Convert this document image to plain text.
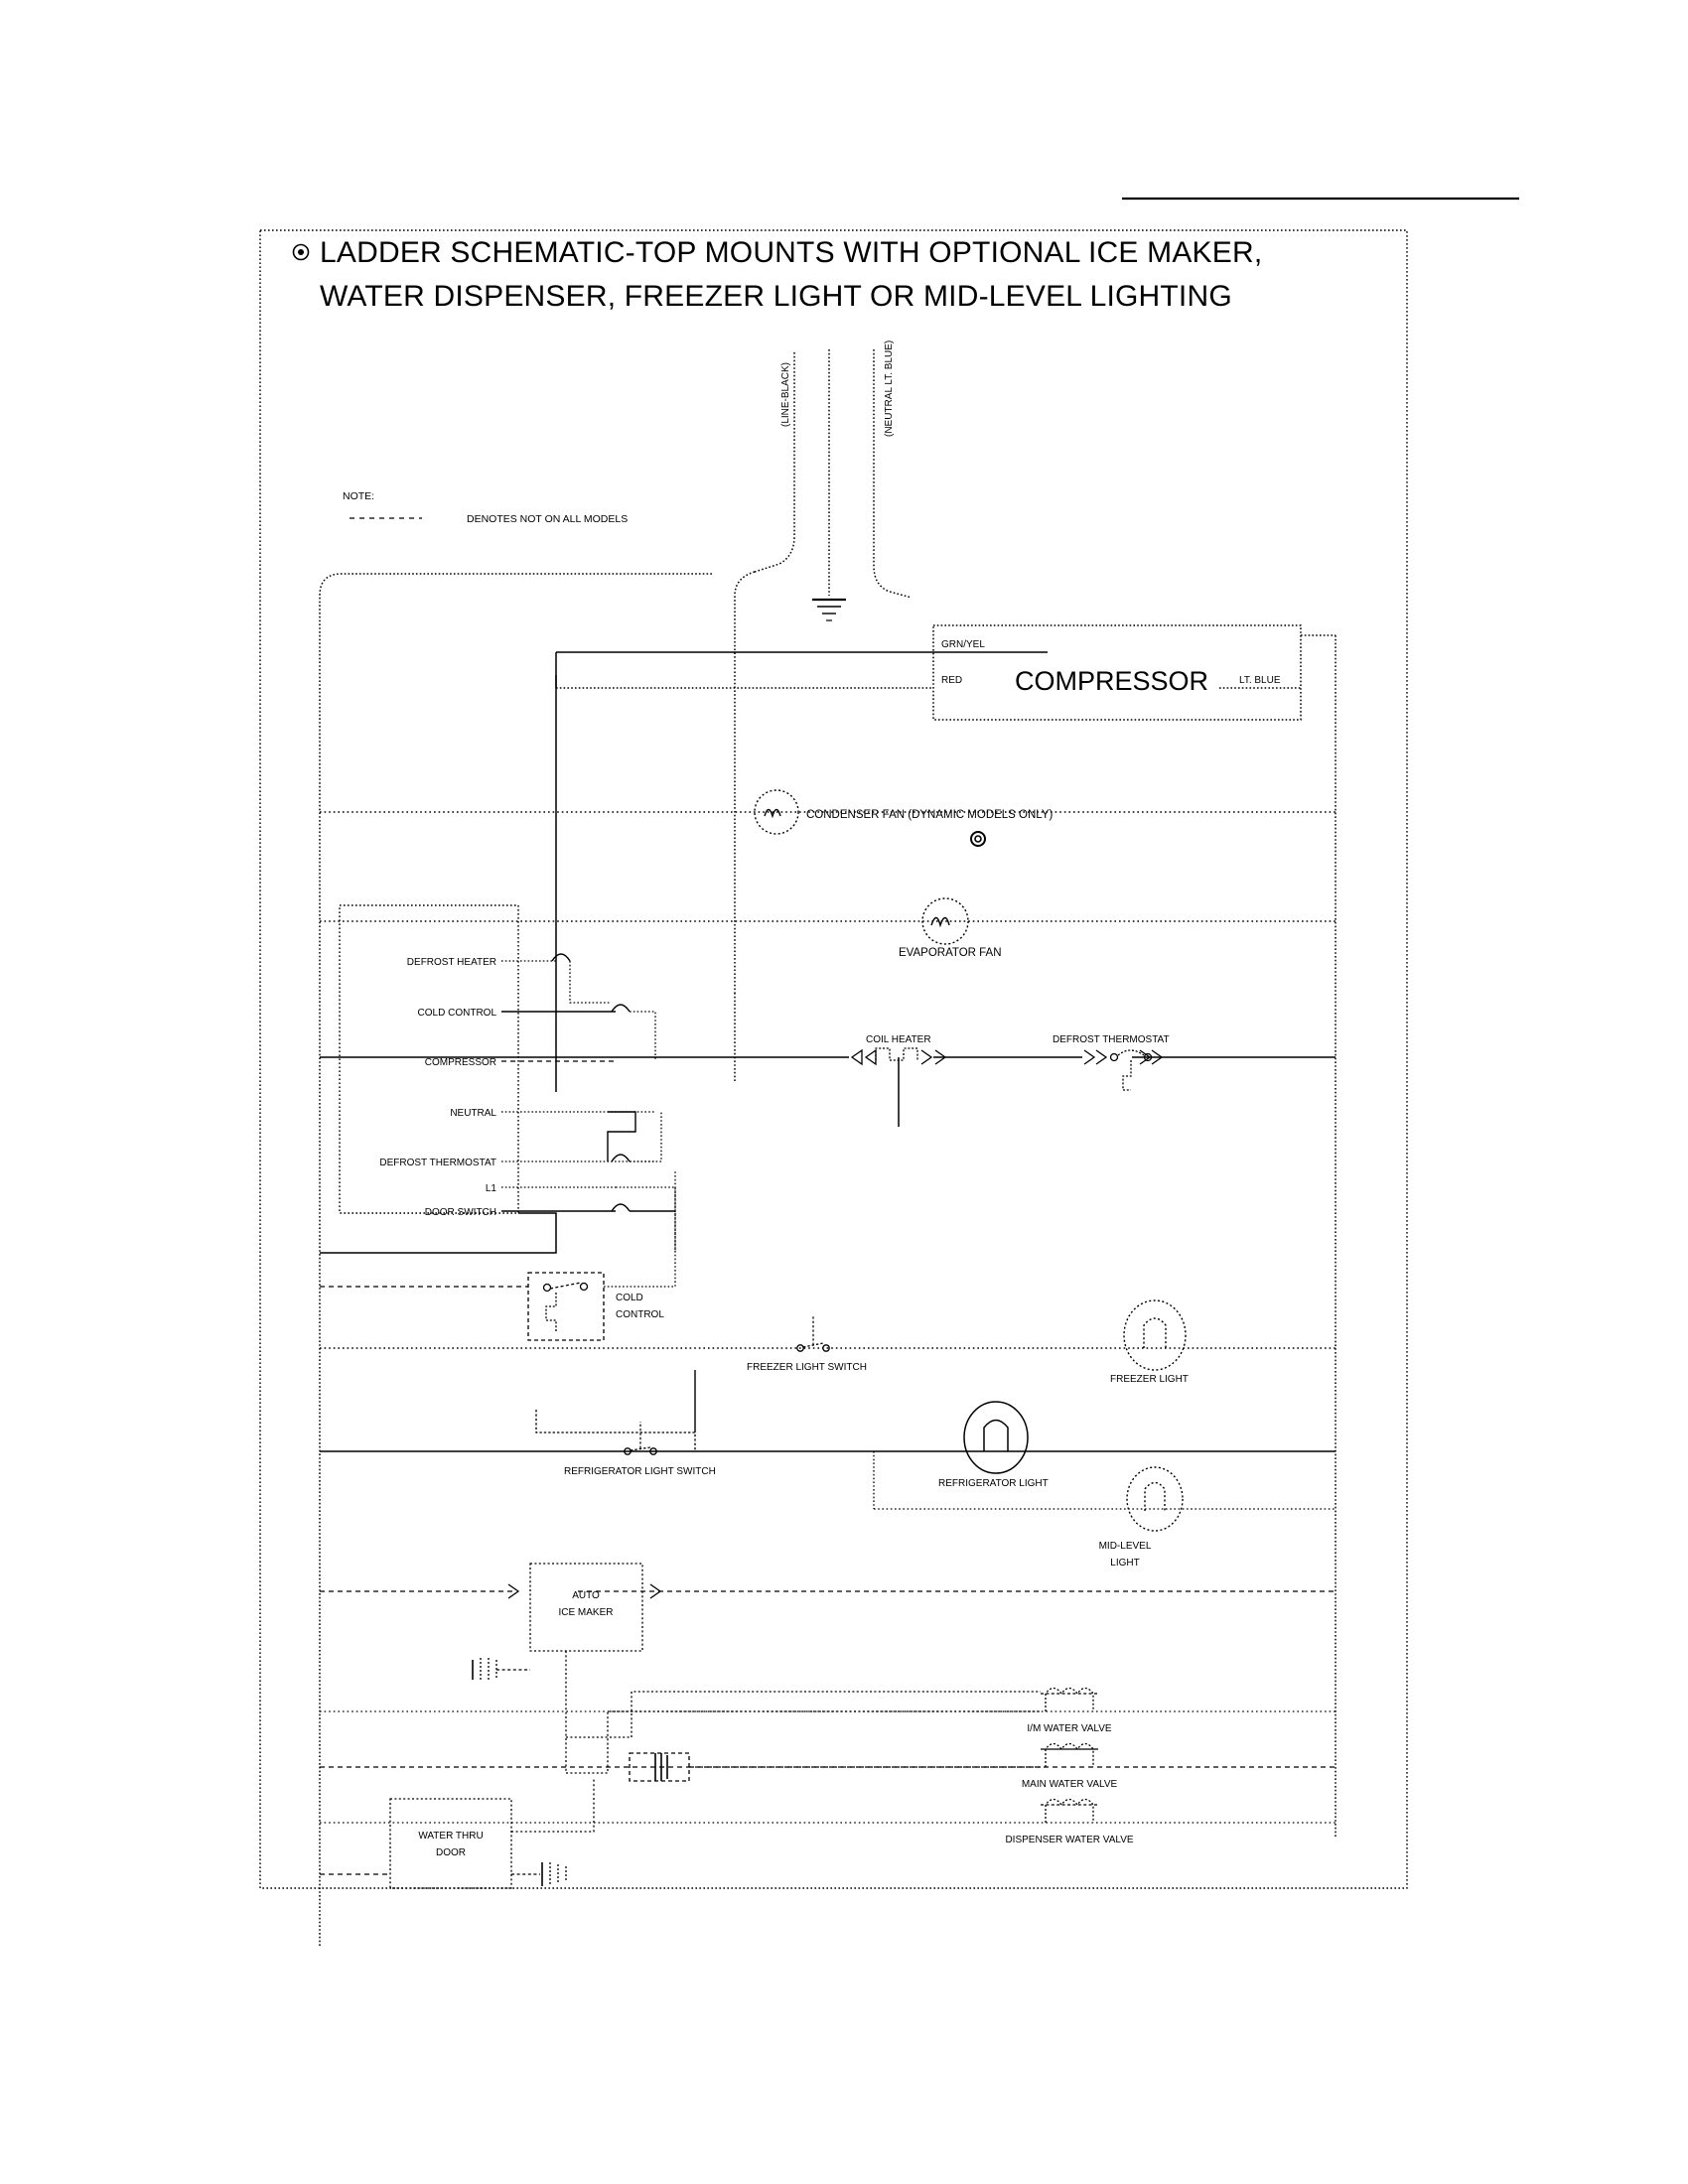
LADDER SCHEMATIC-TOP MOUNTS WITH OPTIONAL ICE MAKER,
WATER DISPENSER, FREEZER LIGHT OR MID-LEVEL LIGHTING
NOTE:
DENOTES NOT ON ALL MODELS
(LINE-BLACK)	(NEUTRAL LT. BLUE)
COMPRESSOR
GRN/YEL
RED	LT. BLUE
CONDENSER FAN (DYNAMIC MODELS ONLY)
EVAPORATOR FAN
DEFROST HEATER
COLD CONTROL
COMPRESSOR
NEUTRAL
DEFROST THERMOSTAT
L1
DOOR SWITCH
COIL HEATER	DEFROST THERMOSTAT
COLD
CONTROL
FREEZER LIGHT SWITCH
FREEZER LIGHT
REFRIGERATOR LIGHT SWITCH
REFRIGERATOR LIGHT
MID-LEVEL
LIGHT
AUTO
ICE MAKER
I/M WATER VALVE
MAIN WATER VALVE
DISPENSER WATER VALVE
WATER THRU
DOOR
